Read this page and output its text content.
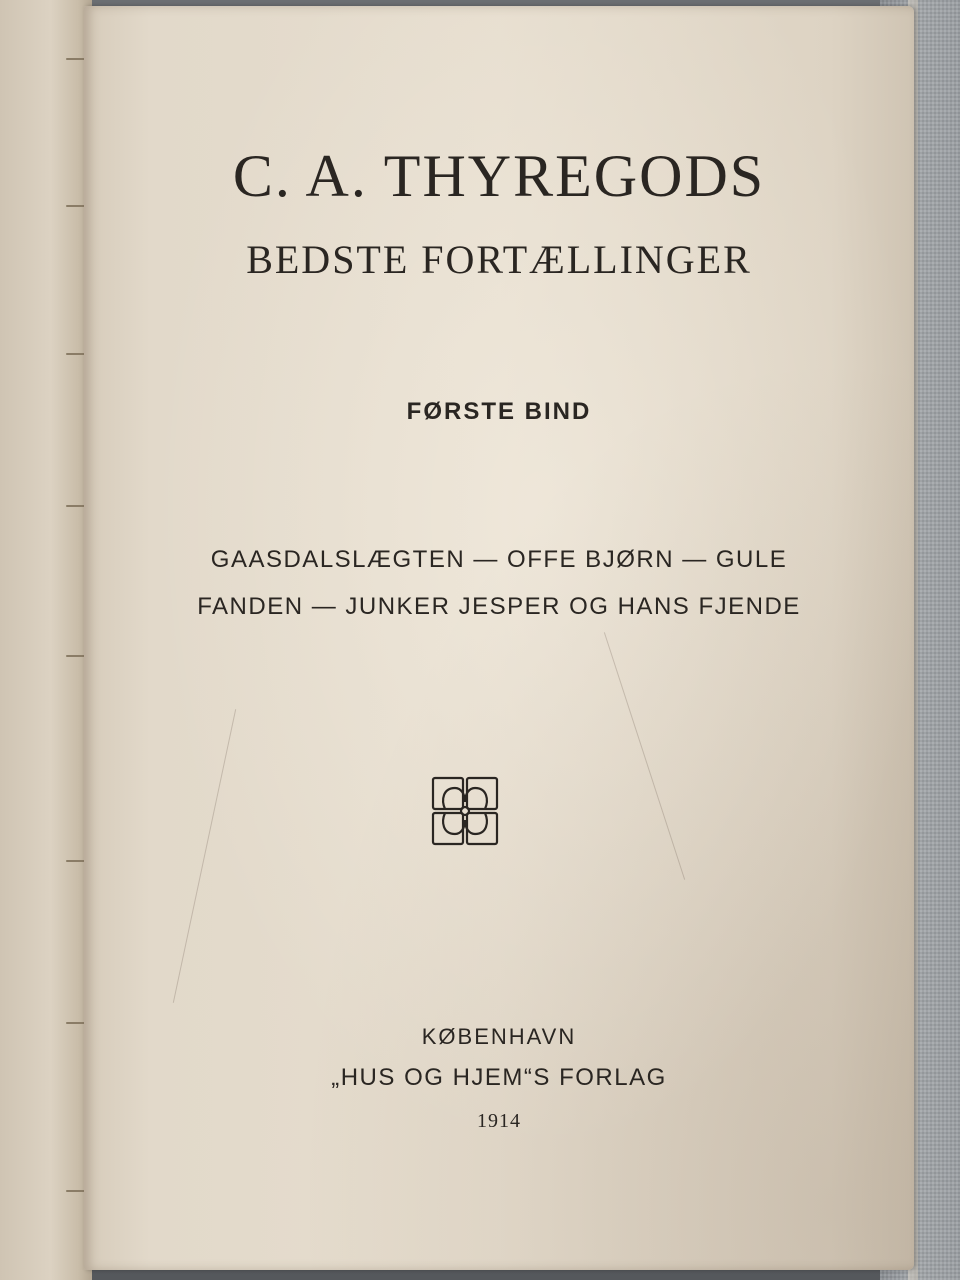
C. A. THYREGODS
BEDSTE FORTÆLLINGER
FØRSTE BIND
GAASDALSLÆGTEN — OFFE BJØRN — GULE
FANDEN — JUNKER JESPER OG HANS FJENDE
KØBENHAVN
„HUS OG HJEM“S FORLAG
1914
